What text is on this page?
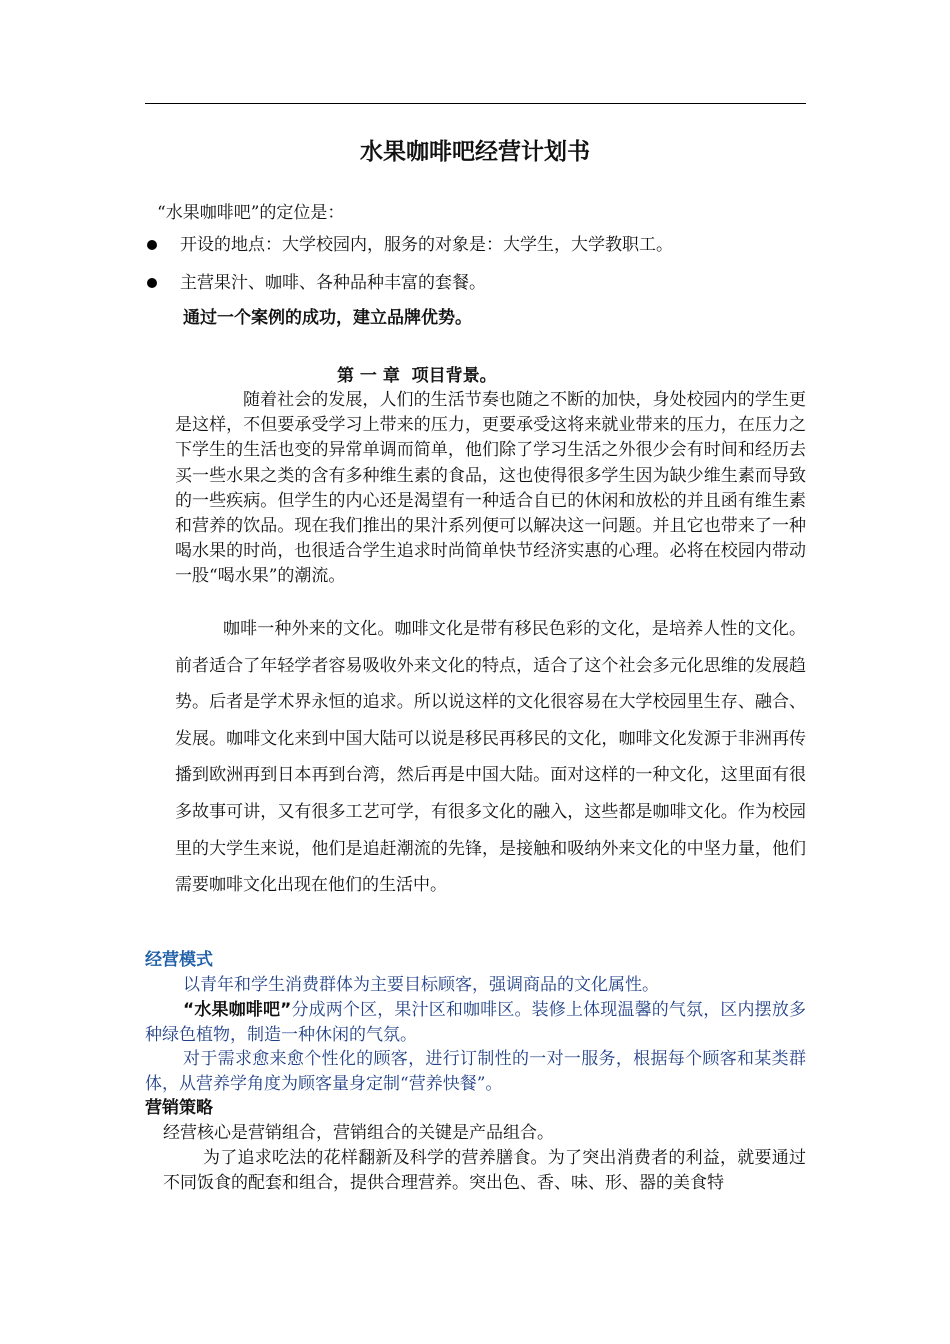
水果咖啡吧经营计划书
“水果咖啡吧”的定位是：
开设的地点：大学校园内，服务的对象是：大学生，大学教职工。
主营果汁、咖啡、各种品种丰富的套餐。
通过一个案例的成功，建立品牌优势。
第 一 章  项目背景。
随着社会的发展，人们的生活节奏也随之不断的加快，身处校园内的学生更是这样，不但要承受学习上带来的压力，更要承受这将来就业带来的压力，在压力之下学生的生活也变的异常单调而简单，他们除了学习生活之外很少会有时间和经历去买一些水果之类的含有多种维生素的食品，这也使得很多学生因为缺少维生素而导致的一些疾病。但学生的内心还是渴望有一种适合自已的休闲和放松的并且函有维生素和营养的饮品。现在我们推出的果汁系列便可以解决这一问题。并且它也带来了一种喝水果的时尚，也很适合学生追求时尚简单快节经济实惠的心理。必将在校园内带动一股“喝水果”的潮流。
咖啡一种外来的文化。咖啡文化是带有移民色彩的文化，是培养人性的文化。前者适合了年轻学者容易吸收外来文化的特点，适合了这个社会多元化思维的发展趋势。后者是学术界永恒的追求。所以说这样的文化很容易在大学校园里生存、融合、发展。咖啡文化来到中国大陆可以说是移民再移民的文化，咖啡文化发源于非洲再传播到欧洲再到日本再到台湾，然后再是中国大陆。面对这样的一种文化，这里面有很多故事可讲，又有很多工艺可学，有很多文化的融入，这些都是咖啡文化。作为校园里的大学生来说，他们是追赶潮流的先锋，是接触和吸纳外来文化的中坚力量，他们需要咖啡文化出现在他们的生活中。
经营模式
以青年和学生消费群体为主要目标顾客，强调商品的文化属性。
“水果咖啡吧”分成两个区，果汁区和咖啡区。装修上体现温馨的气氛，区内摆放多种绿色植物，制造一种休闲的气氛。
对于需求愈来愈个性化的顾客，进行订制性的一对一服务，根据每个顾客和某类群体，从营养学角度为顾客量身定制“营养快餐”。
营销策略
经营核心是营销组合，营销组合的关键是产品组合。
为了追求吃法的花样翻新及科学的营养膳食。为了突出消费者的利益，就要通过不同饭食的配套和组合，提供合理营养。突出色、香、味、形、器的美食特
